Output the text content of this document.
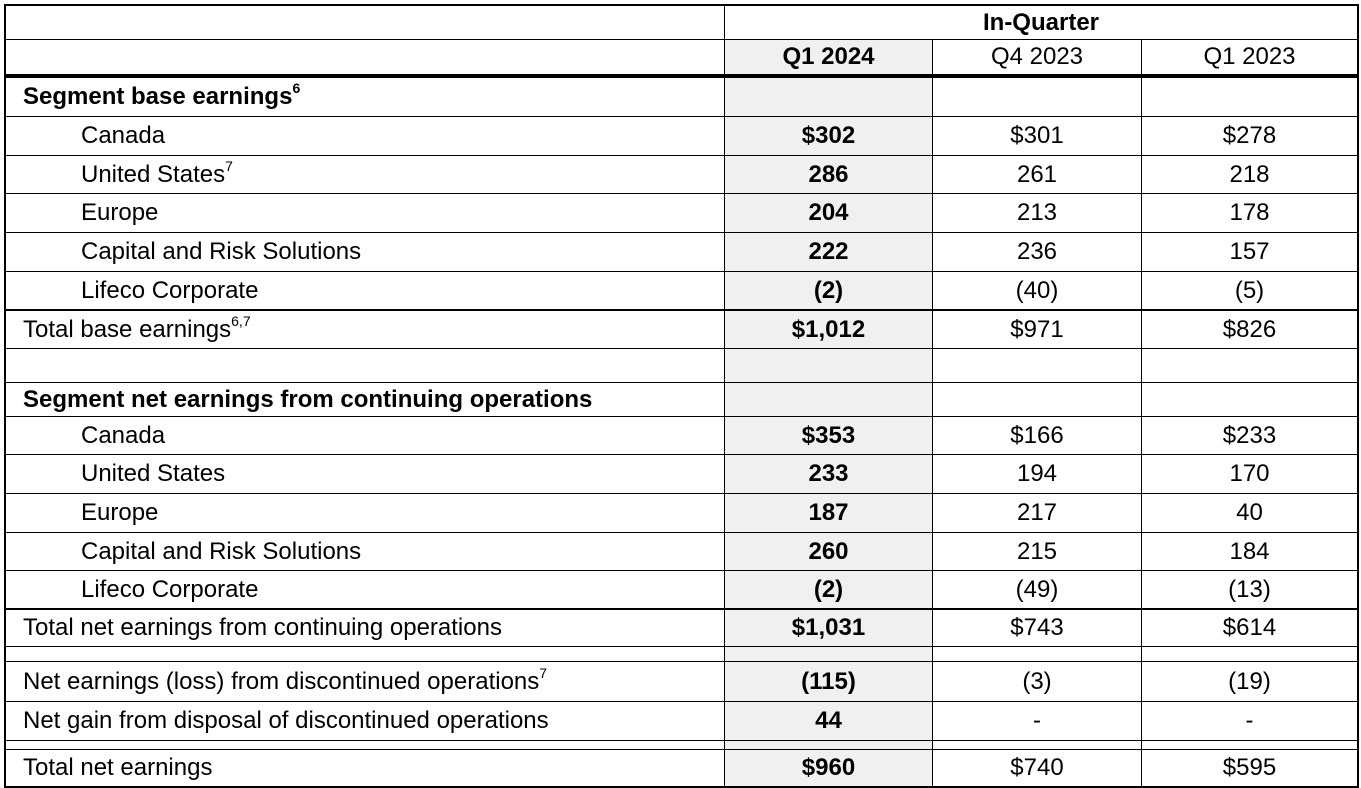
In-Quarter
Q1 2024	Q4 2023	Q1 2023
Segment base earnings$^6$
Canada	$302	$301	$278
United States$^7$	286	261	218
Europe	204	213	178
Capital and Risk Solutions	222	236	157
Lifeco Corporate	(2)	(40)	(5)
Total base earnings$^{6,7}$	$1,012	$971	$826
Segment net earnings from continuing operations
Canada	$353	$166	$233
United States	233	194	170
Europe	187	217	40
Capital and Risk Solutions	260	215	184
Lifeco Corporate	(2)	(49)	(13)
Total net earnings from continuing operations	$1,031	$743	$614
Net earnings (loss) from discontinued operations$^7$	(115)	(3)	(19)
Net gain from disposal of discontinued operations	44	-	-
Total net earnings	$960	$740	$595
